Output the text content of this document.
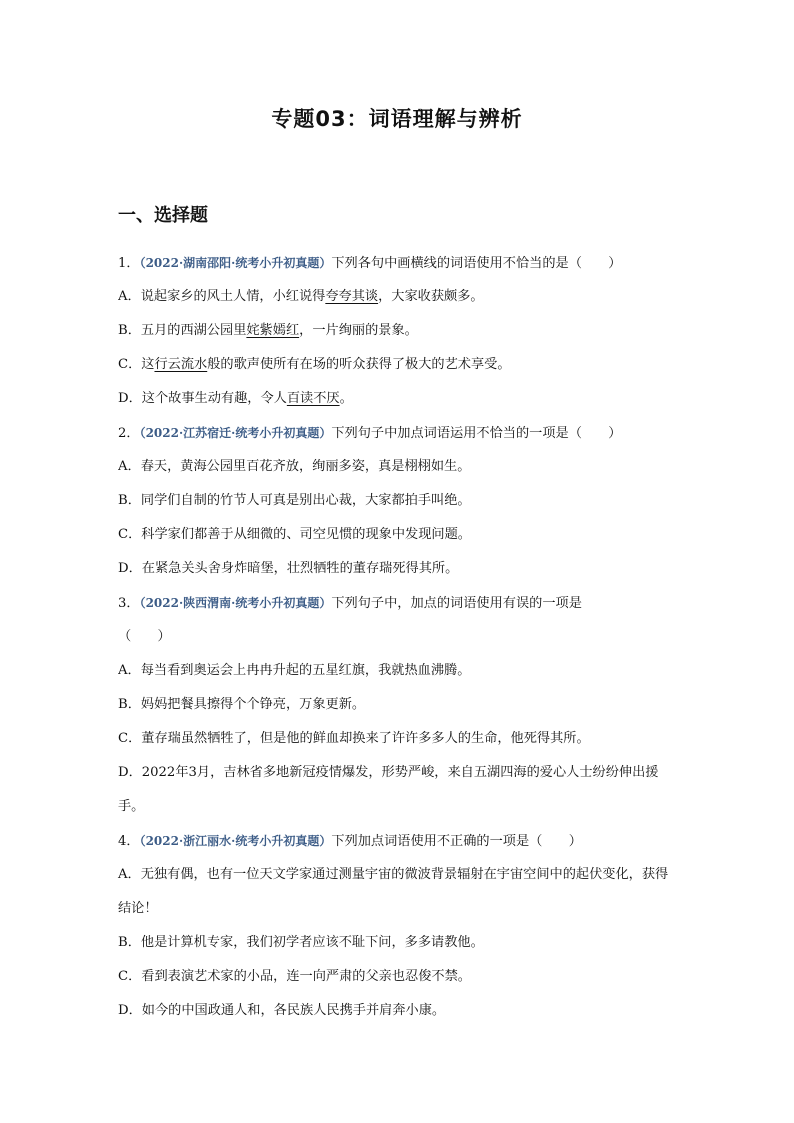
专题03：词语理解与辨析
一、选择题
1．（2022·湖南邵阳·统考小升初真题）下列各句中画横线的词语使用不恰当的是（　　）
A．说起家乡的风土人情，小红说得夸夸其谈，大家收获颇多。
B．五月的西湖公园里姹紫嫣红，一片绚丽的景象。
C．这行云流水般的歌声使所有在场的听众获得了极大的艺术享受。
D．这个故事生动有趣，令人百读不厌。
2．（2022·江苏宿迁·统考小升初真题）下列句子中加点词语运用不恰当的一项是（　　）
A．春天，黄海公园里百花齐放，绚丽多姿，真是栩栩如生。
B．同学们自制的竹节人可真是别出心裁，大家都拍手叫绝。
C．科学家们都善于从细微的、司空见惯的现象中发现问题。
D．在紧急关头舍身炸暗堡，壮烈牺牲的董存瑞死得其所。
3．（2022·陕西渭南·统考小升初真题）下列句子中，加点的词语使用有误的一项是
（　　）
A．每当看到奥运会上冉冉升起的五星红旗，我就热血沸腾。
B．妈妈把餐具擦得个个铮亮，万象更新。
C．董存瑞虽然牺牲了，但是他的鲜血却换来了许许多多人的生命，他死得其所。
D．2022年3月，吉林省多地新冠疫情爆发，形势严峻，来自五湖四海的爱心人士纷纷伸出援手。
4．（2022·浙江丽水·统考小升初真题）下列加点词语使用不正确的一项是（　　）
A．无独有偶，也有一位天文学家通过测量宇宙的微波背景辐射在宇宙空间中的起伏变化，获得结论！
B．他是计算机专家，我们初学者应该不耻下问，多多请教他。
C．看到表演艺术家的小品，连一向严肃的父亲也忍俊不禁。
D．如今的中国政通人和，各民族人民携手并肩奔小康。
